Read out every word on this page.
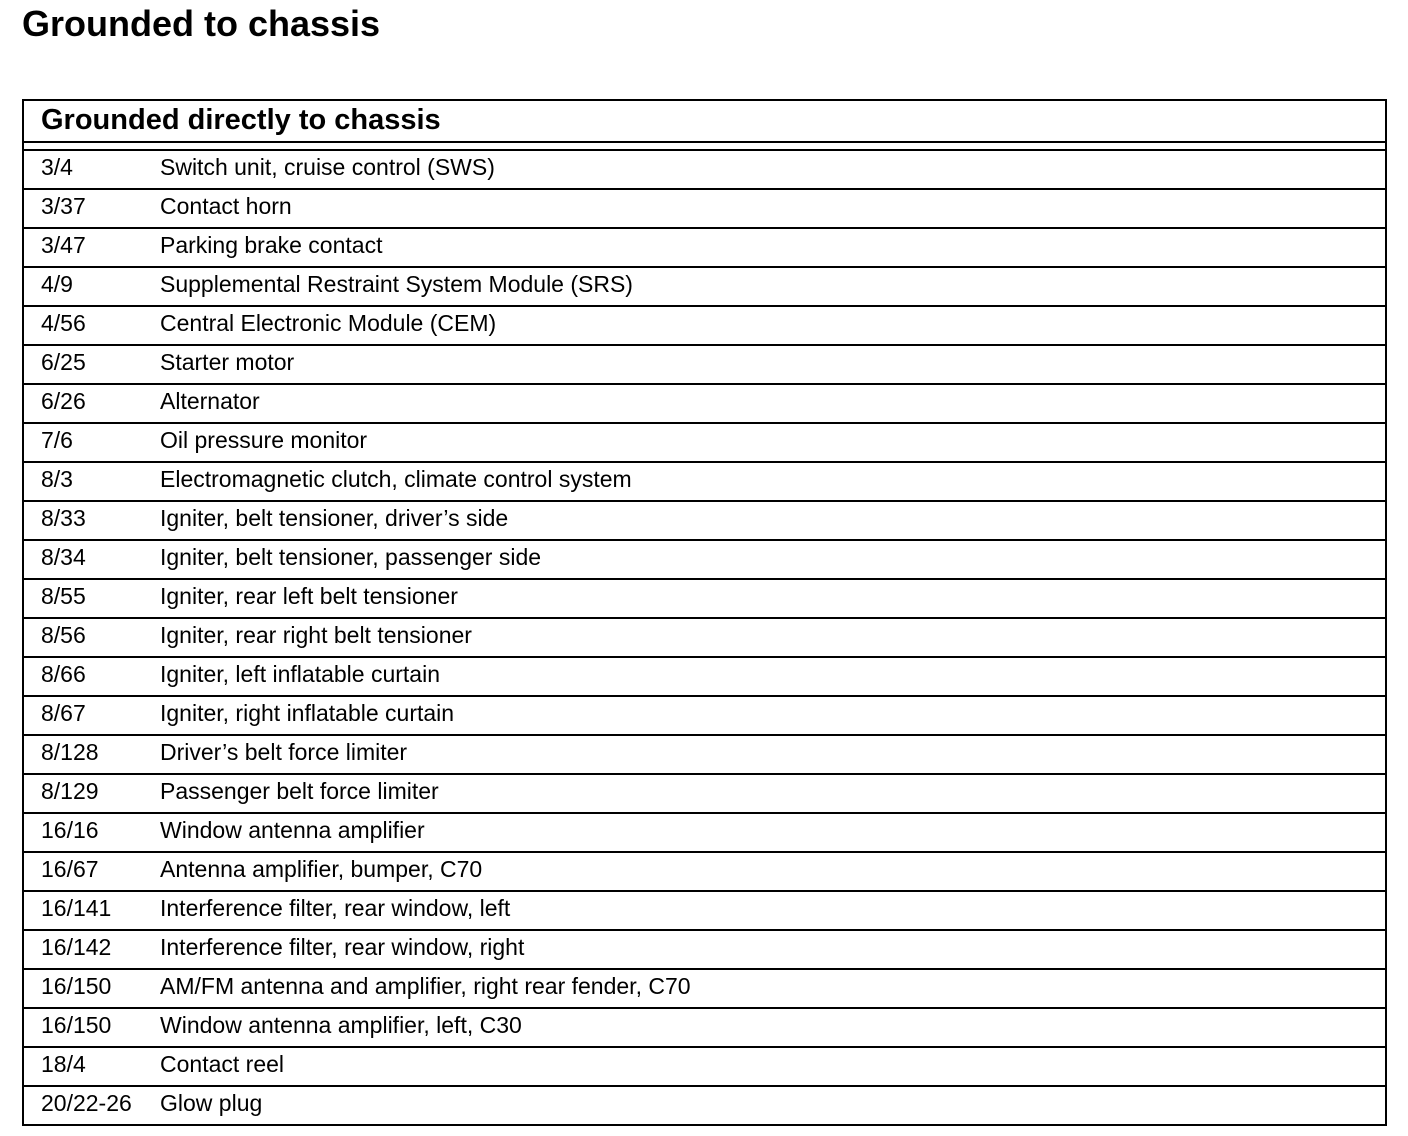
Grounded to chassis
Grounded directly to chassis
3/4	Switch unit, cruise control (SWS)
3/37	Contact horn
3/47	Parking brake contact
4/9	Supplemental Restraint System Module (SRS)
4/56	Central Electronic Module (CEM)
6/25	Starter motor
6/26	Alternator
7/6	Oil pressure monitor
8/3	Electromagnetic clutch, climate control system
8/33	Igniter, belt tensioner, driver’s side
8/34	Igniter, belt tensioner, passenger side
8/55	Igniter, rear left belt tensioner
8/56	Igniter, rear right belt tensioner
8/66	Igniter, left inflatable curtain
8/67	Igniter, right inflatable curtain
8/128	Driver’s belt force limiter
8/129	Passenger belt force limiter
16/16	Window antenna amplifier
16/67	Antenna amplifier, bumper, C70
16/141	Interference filter, rear window, left
16/142	Interference filter, rear window, right
16/150	AM/FM antenna and amplifier, right rear fender, C70
16/150	Window antenna amplifier, left, C30
18/4	Contact reel
20/22-26	Glow plug
